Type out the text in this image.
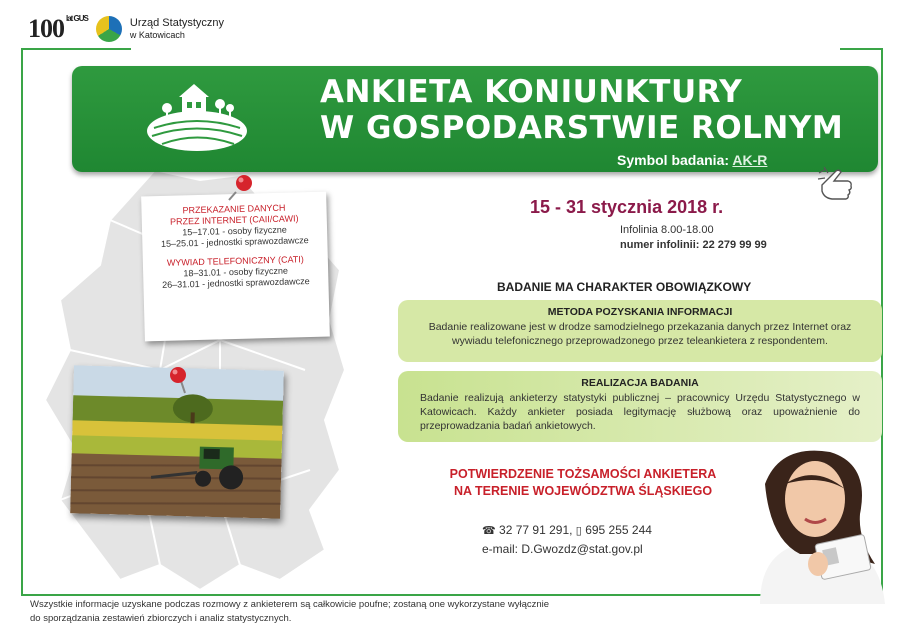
100 lat GUS	Urząd Statystyczny
w Katowicach
ANKIETA KONIUNKTURY
W GOSPODARSTWIE ROLNYM
Symbol badania: AK-R
PRZEKAZANIE DANYCH
PRZEZ INTERNET (CAII/CAWI)
15–17.01 - osoby fizyczne
15–25.01 - jednostki sprawozdawcze
WYWIAD TELEFONICZNY (CATI)
18–31.01 - osoby fizyczne
26–31.01 - jednostki sprawozdawcze
15 - 31 stycznia 2018 r.
Infolinia 8.00-18.00
numer infolinii: 22 279 99 99
BADANIE MA CHARAKTER OBOWIĄZKOWY
METODA POZYSKANIA INFORMACJI
Badanie realizowane jest w drodze samodzielnego przekazania danych przez Internet oraz wywiadu telefonicznego przeprowadzonego przez teleankietera z respondentem.
REALIZACJA BADANIA
Badanie realizują ankieterzy statystyki publicznej – pracownicy Urzędu Statystycznego w Katowicach. Każdy ankieter posiada legitymację służbową oraz upoważnienie do przeprowadzania badań ankietowych.
POTWIERDZENIE TOŻSAMOŚCI ANKIETERA
NA TERENIE WOJEWÓDZTWA ŚLĄSKIEGO
☎ 32 77 91 291, ▯ 695 255 244
e-mail: D.Gwozdz@stat.gov.pl
Wszystkie informacje uzyskane podczas rozmowy z ankieterem są całkowicie poufne; zostaną one wykorzystane wyłącznie
do sporządzania zestawień zbiorczych i analiz statystycznych.
